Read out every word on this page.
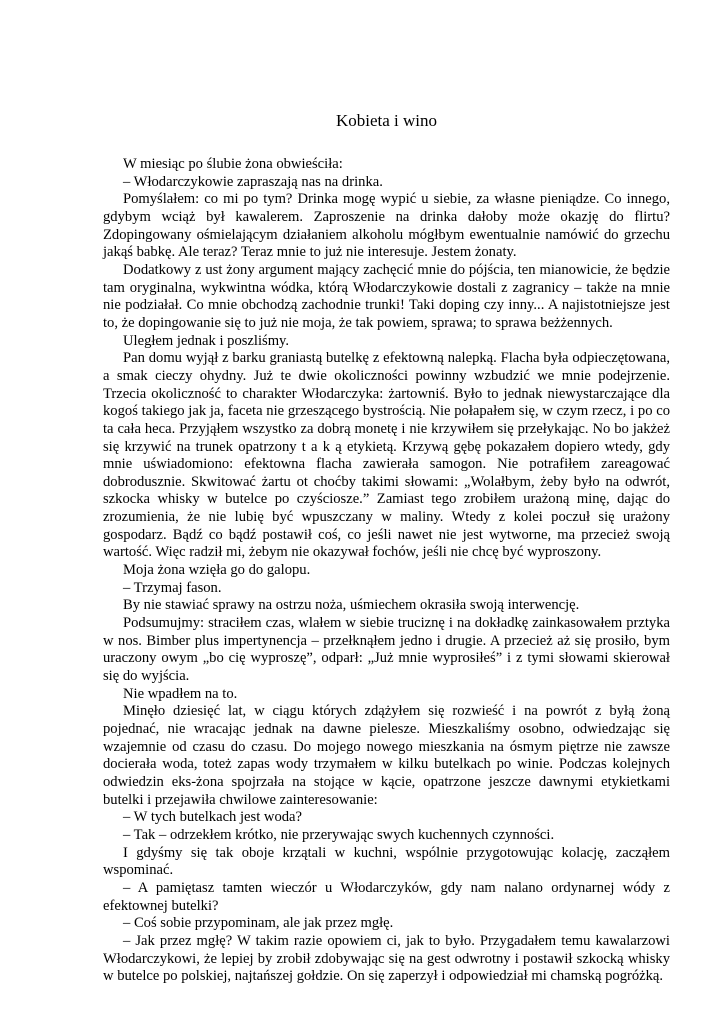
Kobieta i wino

W miesiąc po ślubie żona obwieściła:

– Włodarczykowie zapraszają nas na drinka.

Pomyślałem: co mi po tym? Drinka mogę wypić u siebie, za własne pieniądze. Co innego, gdybym wciąż był kawalerem. Zaproszenie na drinka dałoby może okazję do flirtu? Zdopingowany ośmielającym działaniem alkoholu mógłbym ewentualnie namówić do grzechu jakąś babkę. Ale teraz? Teraz mnie to już nie interesuje. Jestem żonaty.

Dodatkowy z ust żony argument mający zachęcić mnie do pójścia, ten mianowicie, że będzie tam oryginalna, wykwintna wódka, którą Włodarczykowie dostali z zagranicy – także na mnie nie podziałał. Co mnie obchodzą zachodnie trunki! Taki doping czy inny... A najistotniejsze jest to, że dopingowanie się to już nie moja, że tak powiem, sprawa; to sprawa beżżennych.

Uległem jednak i poszliśmy.

Pan domu wyjął z barku graniastą butelkę z efektowną nalepką. Flacha była odpieczętowana, a smak cieczy ohydny. Już te dwie okoliczności powinny wzbudzić we mnie podejrzenie. Trzecia okoliczność to charakter Włodarczyka: żartowniś. Było to jednak niewystarczające dla kogoś takiego jak ja, faceta nie grzeszącego bystrością. Nie połapałem się, w czym rzecz, i po co ta cała heca. Przyjąłem wszystko za dobrą monetę i nie krzywiłem się przełykając. No bo jakżeż się krzywić na trunek opatrzony t a k ą etykietą. Krzywą gębę pokazałem dopiero wtedy, gdy mnie uświadomiono: efektowna flacha zawierała samogon. Nie potrafiłem zareagować dobrodusznie. Skwitować żartu ot choćby takimi słowami: „Wolałbym, żeby było na odwrót, szkocka whisky w butelce po czyściosze.” Zamiast tego zrobiłem urażoną minę, dając do zrozumienia, że nie lubię być wpuszczany w maliny. Wtedy z kolei poczuł się urażony gospodarz. Bądź co bądź postawił coś, co jeśli nawet nie jest wytworne, ma przecież swoją wartość. Więc radził mi, żebym nie okazywał fochów, jeśli nie chcę być wyproszony.

Moja żona wzięła go do galopu.

– Trzymaj fason.

By nie stawiać sprawy na ostrzu noża, uśmiechem okrasiła swoją interwencję.

Podsumujmy: straciłem czas, wlałem w siebie truciznę i na dokładkę zainkasowałem prztyka w nos. Bimber plus impertynencja – przełknąłem jedno i drugie. A przecież aż się prosiło, bym uraczony owym „bo cię wyproszę”, odparł: „Już mnie wyprosiłeś” i z tymi słowami skierował się do wyjścia.

Nie wpadłem na to.

Minęło dziesięć lat, w ciągu których zdążyłem się rozwieść i na powrót z byłą żoną pojednać, nie wracając jednak na dawne pielesze. Mieszkaliśmy osobno, odwiedzając się wzajemnie od czasu do czasu. Do mojego nowego mieszkania na ósmym piętrze nie zawsze docierała woda, toteż zapas wody trzymałem w kilku butelkach po winie. Podczas kolejnych odwiedzin eks-żona spojrzała na stojące w kącie, opatrzone jeszcze dawnymi etykietkami butelki i przejawiła chwilowe zainteresowanie:

– W tych butelkach jest woda?

– Tak – odrzekłem krótko, nie przerywając swych kuchennych czynności.

I gdyśmy się tak oboje krzątali w kuchni, wspólnie przygotowując kolację, zacząłem wspominać.

– A pamiętasz tamten wieczór u Włodarczyków, gdy nam nalano ordynarnej wódy z efektownej butelki?

– Coś sobie przypominam, ale jak przez mgłę.

– Jak przez mgłę? W takim razie opowiem ci, jak to było. Przygadałem temu kawalarzowi Włodarczykowi, że lepiej by zrobił zdobywając się na gest odwrotny i postawił szkocką whisky w butelce po polskiej, najtańszej gołdzie. On się zaperzył i odpowiedział mi chamską pogróżką.
